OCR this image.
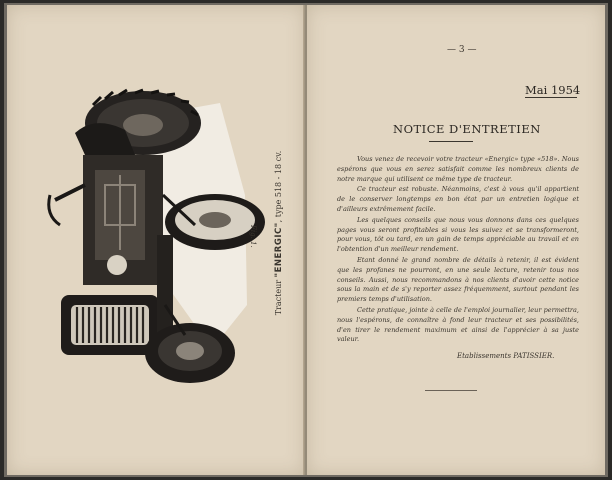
Tracteur "ENERGIC", type 518 - 18 cv.
Fig. 1.
— 3 —
Mai 1954
NOTICE D'ENTRETIEN

Vous venez de recevoir votre tracteur «Energic» type «518». Nous espérons que vous en serez satisfait comme les nombreux clients de notre marque qui utilisent ce même type de tracteur.

Ce tracteur est robuste. Néanmoins, c'est à vous qu'il appartient de le conserver longtemps en bon état par un entretien logique et d'ailleurs extrêmement facile.

Les quelques conseils que nous vous donnons dans ces quelques pages vous seront profitables si vous les suivez et se transformeront, pour vous, tôt ou tard, en un gain de temps appréciable au travail et en l'obtention d'un meilleur rendement.

Etant donné le grand nombre de détails à retenir, il est évident que les profanes ne pourront, en une seule lecture, retenir tous nos conseils. Aussi, nous recommandons à nos clients d'avoir cette notice sous la main et de s'y reporter assez fréquemment, surtout pendant les premiers temps d'utilisation.

Cette pratique, jointe à celle de l'emploi journalier, leur permettra, nous l'espérons, de connaître à fond leur tracteur et ses possibilités, d'en tirer le rendement maximum et ainsi de l'apprécier à sa juste valeur.

Etablissements PATISSIER.
